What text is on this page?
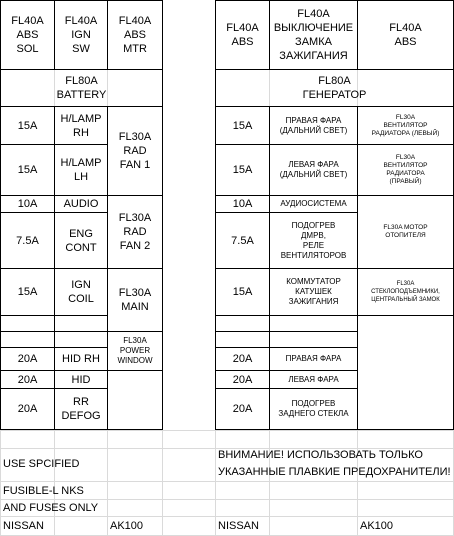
FL40A
ABS
SOL
FL40A
IGN
SW
FL40A
ABS
MTR
FL80A
BATTERY
15A
15A
10A
7.5A
15A
20A
20A
20A
H/LAMP
RH
H/LAMP
LH
AUDIO
ENG
CONT
IGN
COIL
HID RH
HID
RR
DEFOG
FL30A
RAD
FAN 1
FL30A
RAD
FAN 2
FL30A
MAIN
FL30A
POWER
WINDOW
USE SPCIFIED
FUSIBLE-L NKS
AND FUSES ONLY
NISSAN	AK100
FL40A
ABS
FL40A
ВЫКЛЮЧЕНИЕ
ЗАМКА
ЗАЖИГАНИЯ
FL40A
ABS
FL80A
ГЕНЕРАТОР
15A
15A
10A
7.5A
15A
20A
20A
20A
ПРАВАЯ ФАРА
(ДАЛЬНИЙ СВЕТ)
ЛЕВАЯ ФАРА
(ДАЛЬНИЙ СВЕТ)
АУДИОСИСТЕМА
ПОДОГРЕВ
ДМРВ,
РЕЛЕ
ВЕНТИЛЯТОРОВ
КОММУТАТОР
КАТУШЕК
ЗАЖИГАНИЯ
ПРАВАЯ ФАРА
ЛЕВАЯ ФАРА
ПОДОГРЕВ
ЗАДНЕГО СТЕКЛА
FL30A
ВЕНТИЛЯТОР
РАДИАТОРА (ЛЕВЫЙ)
FL30A
ВЕНТИЛЯТОР
РАДИАТОРА
(ПРАВЫЙ)
FL30A МОТОР
ОТОПИТЕЛЯ
FL30A
СТЕКЛОПОДЪЕМНИКИ,
ЦЕНТРАЛЬНЫЙ ЗАМОК
ВНИМАНИЕ! ИСПОЛЬЗОВАТЬ ТОЛЬКО
УКАЗАННЫЕ ПЛАВКИЕ ПРЕДОХРАНИТЕЛИ!
NISSAN	AK100
